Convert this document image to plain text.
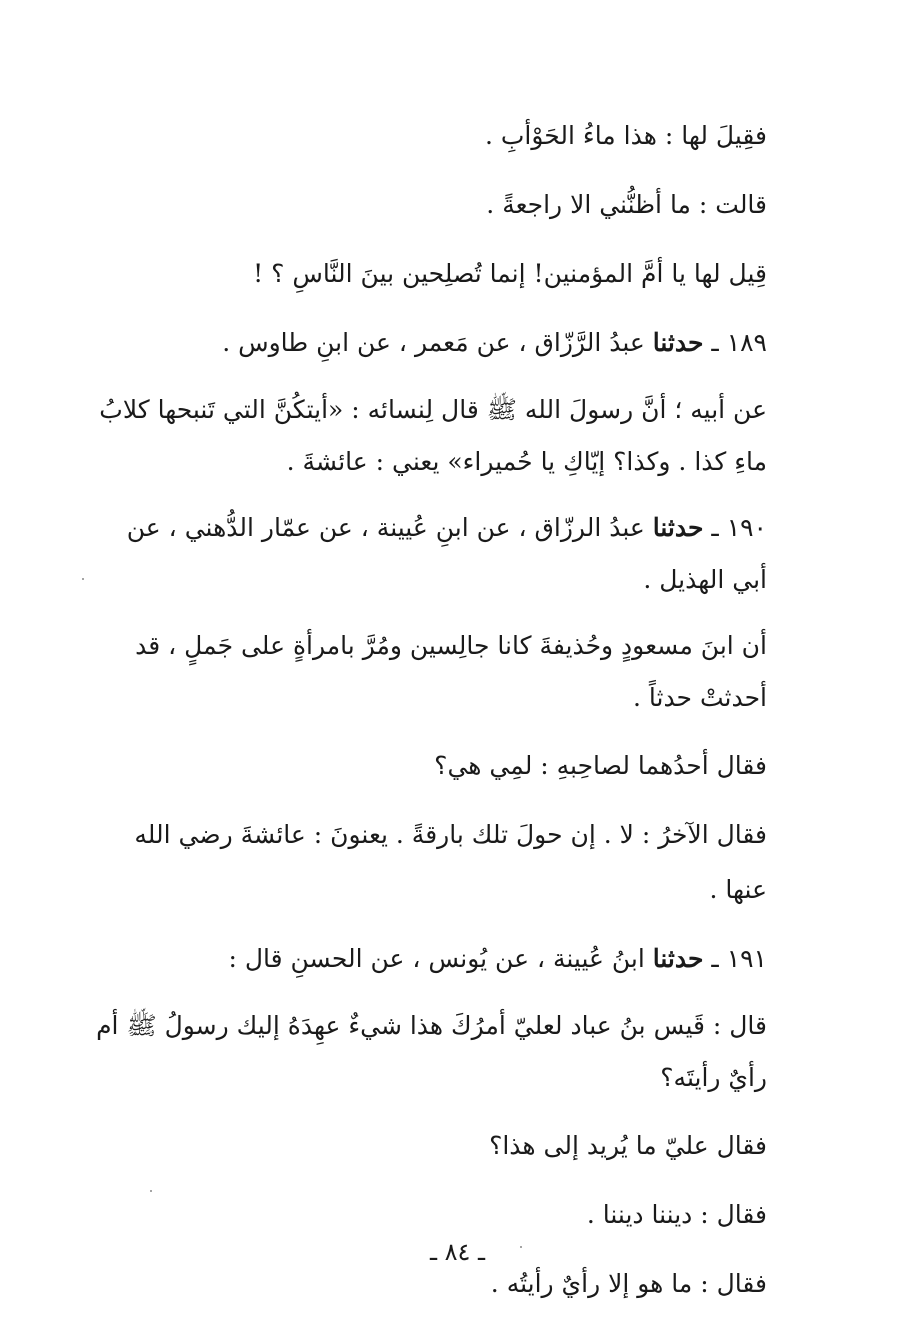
فقِيلَ لها : هذا ماءُ الحَوْأبِ .

قالت : ما أظنُّني الا راجعةً .

قِيل لها يا أمَّ المؤمنين! إنما تُصلِحين بينَ النَّاسِ ؟ !

١٨٩ ـ حدثنا عبدُ الرَّزّاق ، عن مَعمر ، عن ابنِ طاوس .

عن أبيه ؛ أنَّ رسولَ الله ﷺ قال لِنسائه : «أيتكُنَّ التي تَنبحها كلابُ ماءِ كذا . وكذا؟ إيّاكِ يا حُميراء» يعني : عائشةَ .

١٩٠ ـ حدثنا عبدُ الرزّاق ، عن ابنِ عُيينة ، عن عمّار الدُّهني ، عن أبي الهذيل .

أن ابنَ مسعودٍ وحُذيفةَ كانا جالِسين ومُرَّ بامرأةٍ على جَملٍ ، قد أحدثتْ حدثاً .

فقال أحدُهما لصاحِبهِ : لمِي هي؟

فقال الآخرُ : لا . إن حولَ تلك بارقةً . يعنونَ : عائشةَ رضي الله عنها .

١٩١ ـ حدثنا ابنُ عُيينة ، عن يُونس ، عن الحسنِ قال :

قال : قَيس بنُ عباد لعليّ أمرُكَ هذا شيءٌ عهِدَهُ إليك رسولُ ﷺ أم رأيٌ رأيتَه؟

فقال عليّ ما يُريد إلى هذا؟

فقال : ديننا ديننا .

فقال : ما هو إلا رأيٌ رأيتُه .

ـ ٨٤ ـ
